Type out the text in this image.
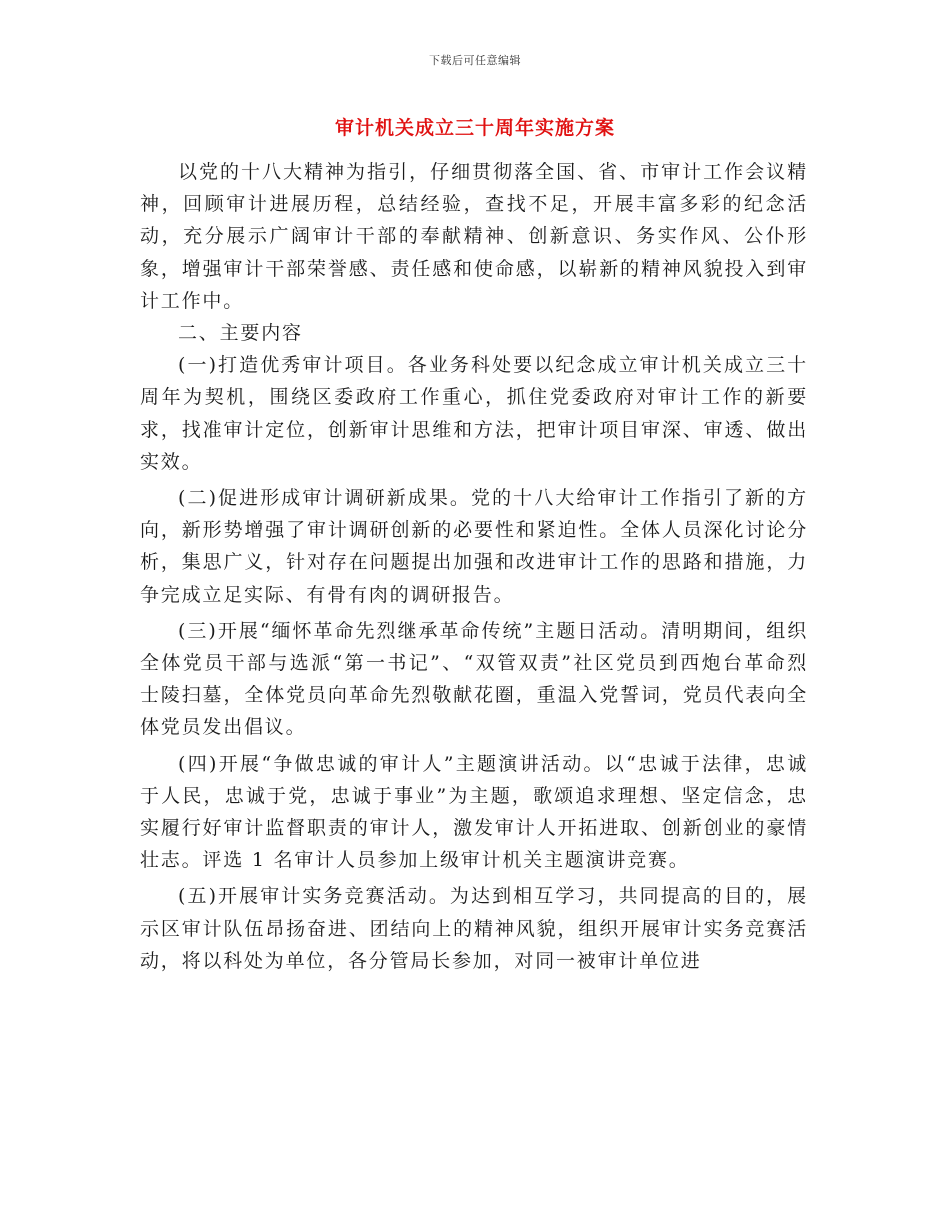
下载后可任意编辑
审计机关成立三十周年实施方案

以党的十八大精神为指引，仔细贯彻落全国、省、市审计工作会议精神，回顾审计进展历程，总结经验，查找不足，开展丰富多彩的纪念活动，充分展示广阔审计干部的奉献精神、创新意识、务实作风、公仆形象，增强审计干部荣誉感、责任感和使命感，以崭新的精神风貌投入到审计工作中。

二、主要内容

(一)打造优秀审计项目。各业务科处要以纪念成立审计机关成立三十周年为契机，围绕区委政府工作重心，抓住党委政府对审计工作的新要求，找准审计定位，创新审计思维和方法，把审计项目审深、审透、做出实效。

(二)促进形成审计调研新成果。党的十八大给审计工作指引了新的方向，新形势增强了审计调研创新的必要性和紧迫性。全体人员深化讨论分析，集思广义，针对存在问题提出加强和改进审计工作的思路和措施，力争完成立足实际、有骨有肉的调研报告。

(三)开展“缅怀革命先烈继承革命传统”主题日活动。清明期间，组织全体党员干部与选派“第一书记”、“双管双责”社区党员到西炮台革命烈士陵扫墓，全体党员向革命先烈敬献花圈，重温入党誓词，党员代表向全体党员发出倡议。

(四)开展“争做忠诚的审计人”主题演讲活动。以“忠诚于法律，忠诚于人民，忠诚于党，忠诚于事业”为主题，歌颂追求理想、坚定信念，忠实履行好审计监督职责的审计人，激发审计人开拓进取、创新创业的豪情壮志。评选 1 名审计人员参加上级审计机关主题演讲竞赛。

(五)开展审计实务竞赛活动。为达到相互学习，共同提高的目的，展示区审计队伍昂扬奋进、团结向上的精神风貌，组织开展审计实务竞赛活动，将以科处为单位，各分管局长参加，对同一被审计单位进
